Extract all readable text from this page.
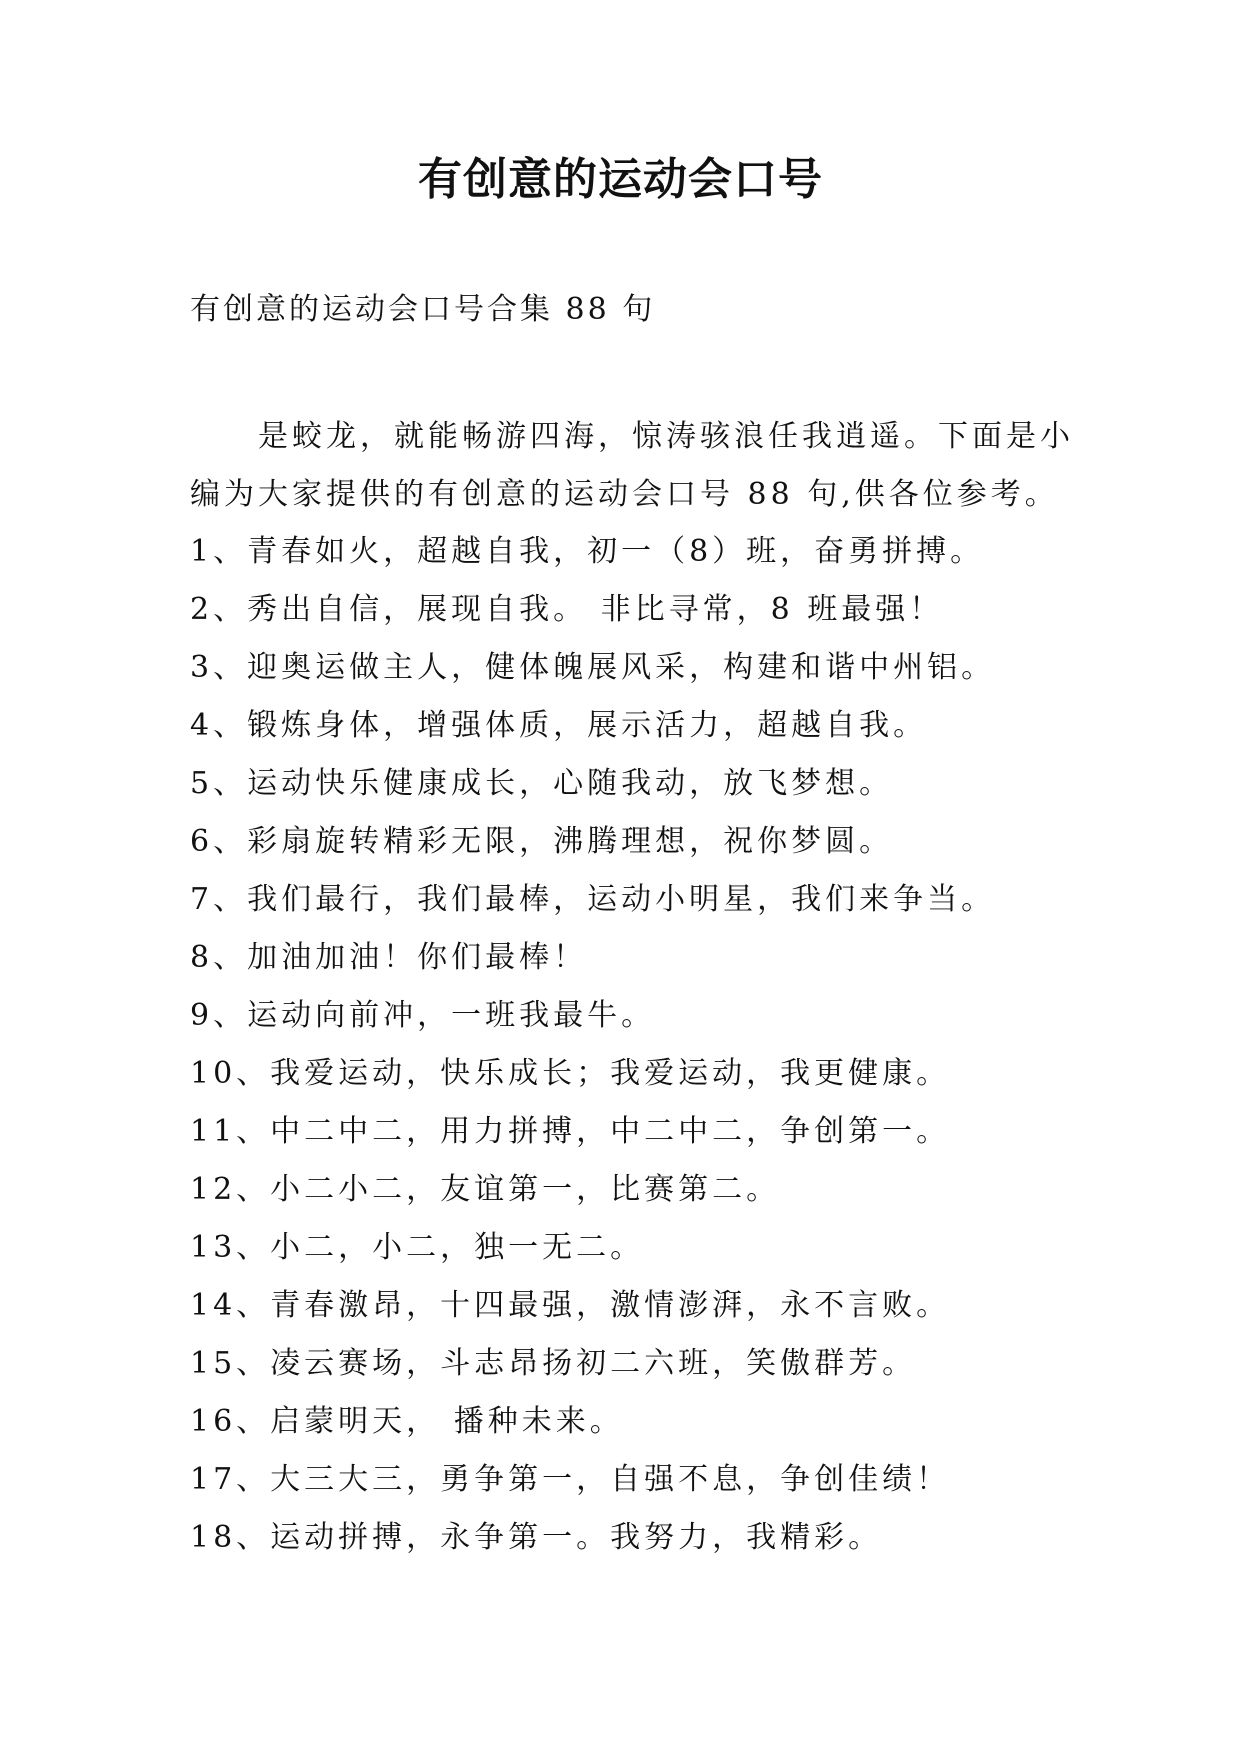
有创意的运动会口号
有创意的运动会口号合集 88 句
是蛟龙，就能畅游四海，惊涛骇浪任我逍遥。下面是小
编为大家提供的有创意的运动会口号 88 句,供各位参考。
1、青春如火，超越自我，初一（8）班，奋勇拼搏。
2、秀出自信，展现自我。 非比寻常，8 班最强！
3、迎奥运做主人，健体魄展风采，构建和谐中州铝。
4、锻炼身体，增强体质，展示活力，超越自我。
5、运动快乐健康成长，心随我动，放飞梦想。
6、彩扇旋转精彩无限，沸腾理想，祝你梦圆。
7、我们最行，我们最棒，运动小明星，我们来争当。
8、加油加油！你们最棒！
9、运动向前冲，一班我最牛。
10、我爱运动，快乐成长；我爱运动，我更健康。
11、中二中二，用力拼搏，中二中二，争创第一。
12、小二小二，友谊第一，比赛第二。
13、小二，小二，独一无二。
14、青春激昂，十四最强，激情澎湃，永不言败。
15、凌云赛场，斗志昂扬初二六班，笑傲群芳。
16、启蒙明天， 播种未来。
17、大三大三，勇争第一，自强不息，争创佳绩！
18、运动拼搏，永争第一。我努力，我精彩。
